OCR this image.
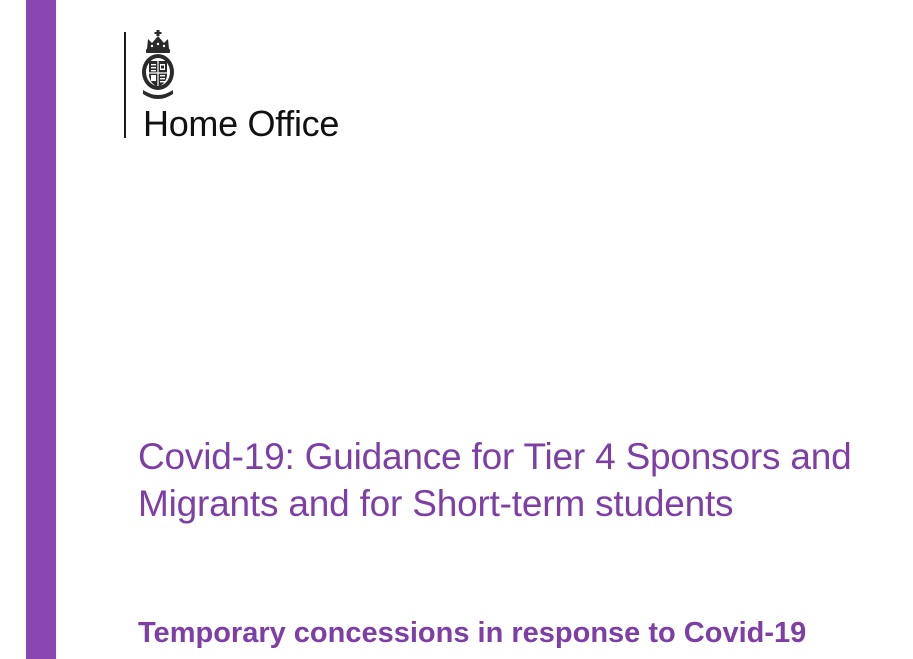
Home Office
Covid-19: Guidance for Tier 4 Sponsors and Migrants and for Short-term students
Temporary concessions in response to Covid-19
